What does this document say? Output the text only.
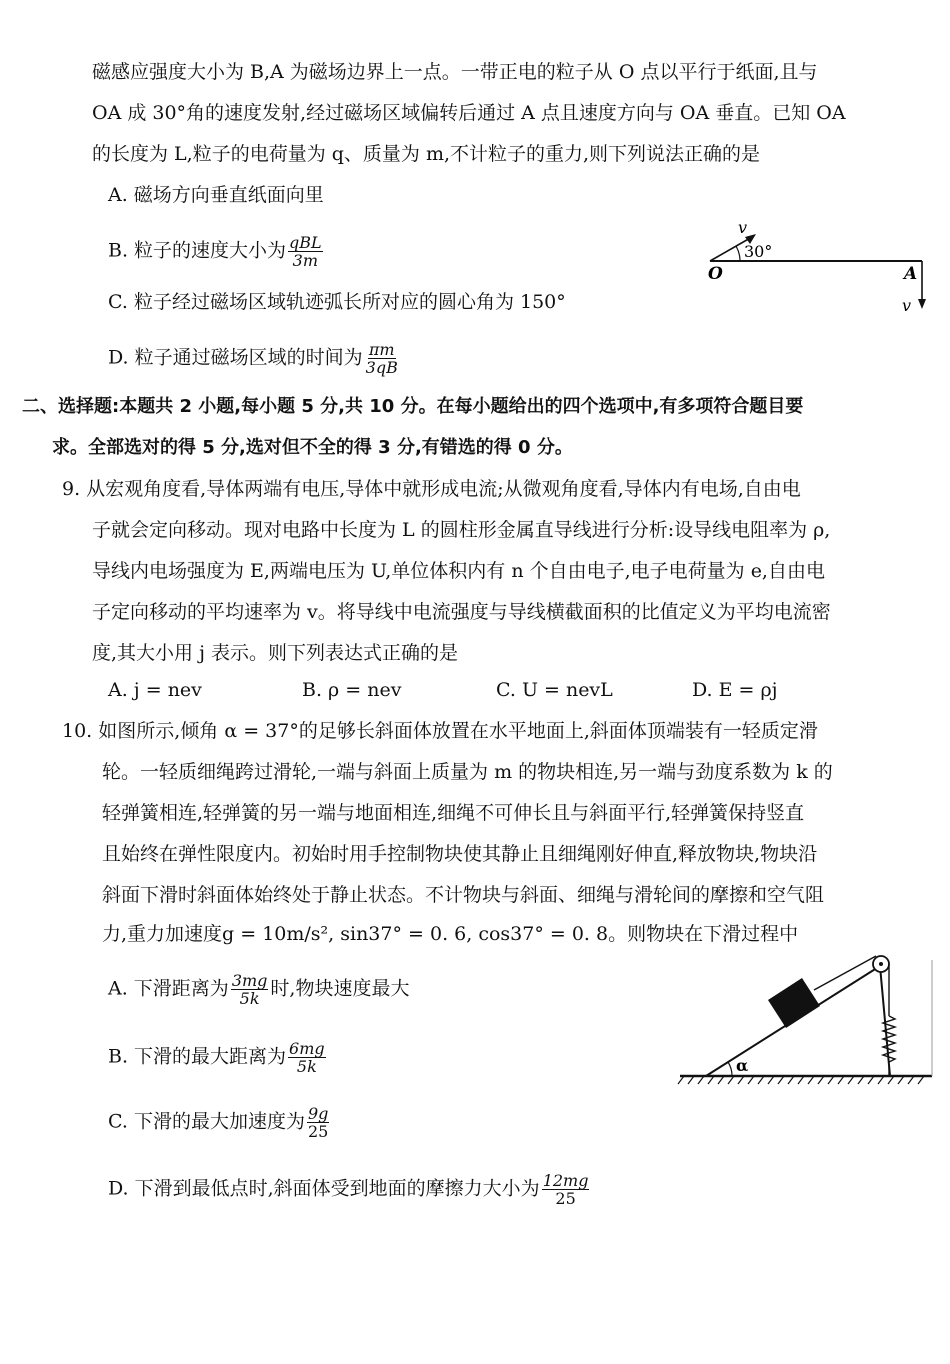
磁感应强度大小为 B,A 为磁场边界上一点。一带正电的粒子从 O 点以平行于纸面,且与
OA 成 30°角的速度发射,经过磁场区域偏转后通过 A 点且速度方向与 OA 垂直。已知 OA
的长度为 L,粒子的电荷量为 q、质量为 m,不计粒子的重力,则下列说法正确的是
A. 磁场方向垂直纸面向里
B. 粒子的速度大小为 $\frac{\text{qBL}}{3m}$
C. 粒子经过磁场区域轨迹弧长所对应的圆心角为 150°
D. 粒子通过磁场区域的时间为 $\frac{\pi m}{3qB}$
v
30°
O	A
v
二、选择题:本题共 2 小题,每小题 5 分,共 10 分。在每小题给出的四个选项中,有多项符合题目要
求。全部选对的得 5 分,选对但不全的得 3 分,有错选的得 0 分。
9. 从宏观角度看,导体两端有电压,导体中就形成电流;从微观角度看,导体内有电场,自由电
子就会定向移动。现对电路中长度为 L 的圆柱形金属直导线进行分析:设导线电阻率为 ρ,
导线内电场强度为 E,两端电压为 U,单位体积内有 n 个自由电子,电子电荷量为 e,自由电
子定向移动的平均速率为 v。将导线中电流强度与导线横截面积的比值定义为平均电流密
度,其大小用 j 表示。则下列表达式正确的是
A. j = nev	B. ρ = nev	C. U = nevL	D. E = ρj
10. 如图所示,倾角 α = 37°的足够长斜面体放置在水平地面上,斜面体顶端装有一轻质定滑
轮。一轻质细绳跨过滑轮,一端与斜面上质量为 m 的物块相连,另一端与劲度系数为 k 的
轻弹簧相连,轻弹簧的另一端与地面相连,细绳不可伸长且与斜面平行,轻弹簧保持竖直
且始终在弹性限度内。初始时用手控制物块使其静止且细绳刚好伸直,释放物块,物块沿
斜面下滑时斜面体始终处于静止状态。不计物块与斜面、细绳与滑轮间的摩擦和空气阻
力,重力加速度g = 10m/s², sin37° = 0. 6, cos37° = 0. 8。则物块在下滑过程中
A. 下滑距离为 $\frac{3mg}{5k}$ 时,物块速度最大
B. 下滑的最大距离为 $\frac{6mg}{5k}$
C. 下滑的最大加速度为 $\frac{9g}{25}$
D. 下滑到最低点时,斜面体受到地面的摩擦力大小为 $\frac{12mg}{25}$
α
